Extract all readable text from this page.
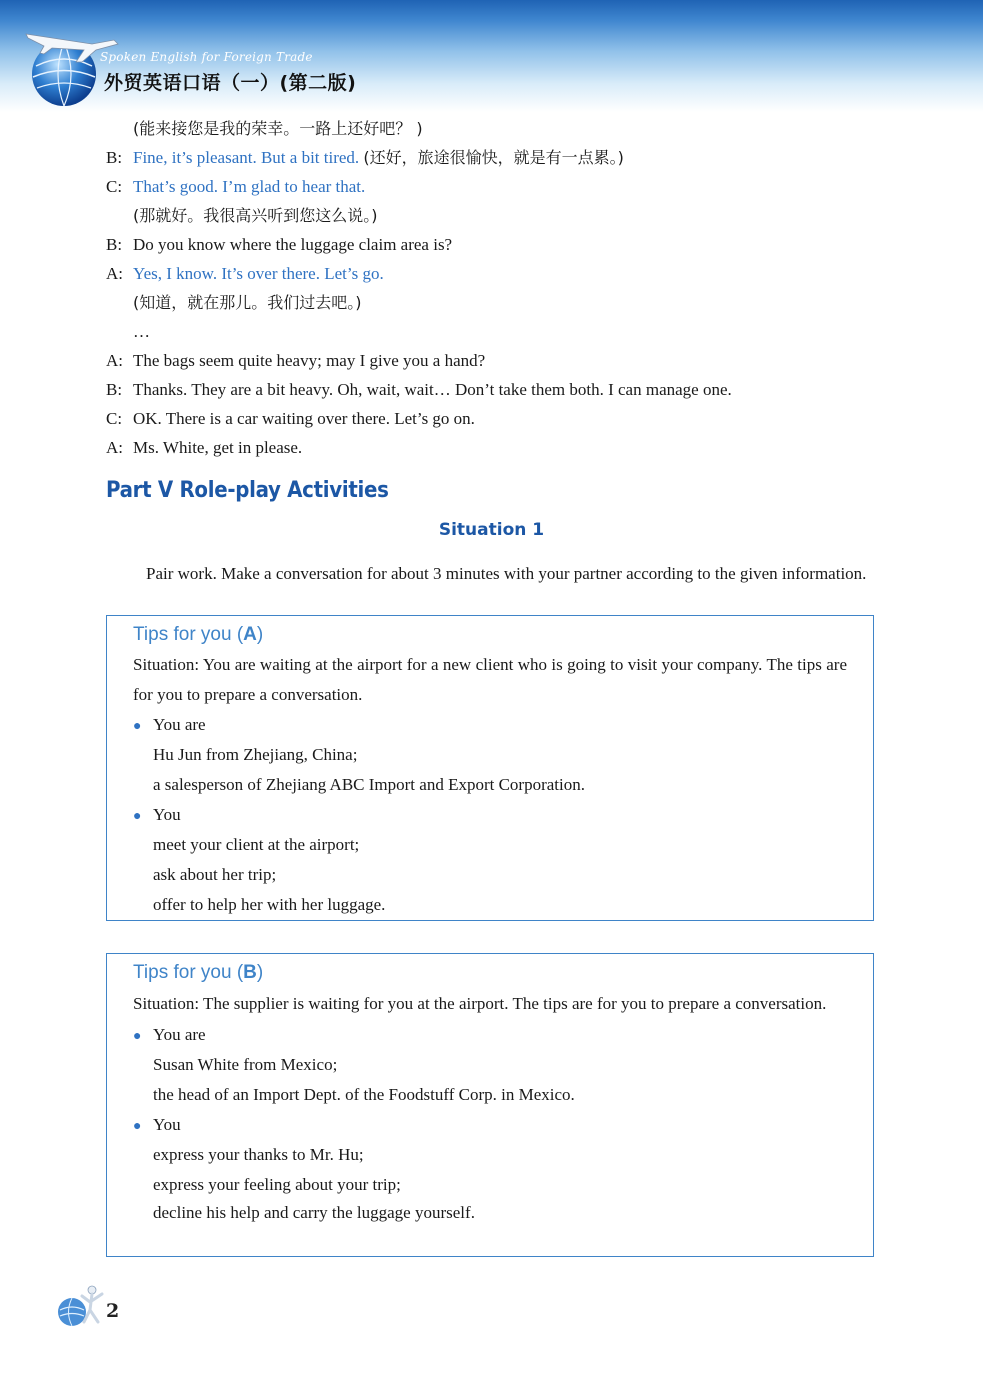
Spoken English for Foreign Trade
外贸英语口语（一）(第二版)
(能来接您是我的荣幸。一路上还好吧？ )
B: Fine, it’s pleasant. But a bit tired. (还好，旅途很愉快，就是有一点累。)
C: That’s good. I’m glad to hear that.
(那就好。我很高兴听到您这么说。)
B: Do you know where the luggage claim area is?
A: Yes, I know. It’s over there. Let’s go.
(知道，就在那儿。我们过去吧。)
…
A: The bags seem quite heavy; may I give you a hand?
B: Thanks. They are a bit heavy. Oh, wait, wait… Don’t take them both. I can manage one.
C: OK. There is a car waiting over there. Let’s go on.
A: Ms. White, get in please.
Part V Role-play Activities
Situation 1
Pair work. Make a conversation for about 3 minutes with your partner according to the given information.
Tips for you (A)
Situation: You are waiting at the airport for a new client who is going to visit your company. The tips are for you to prepare a conversation.
● You are
Hu Jun from Zhejiang, China;
a salesperson of Zhejiang ABC Import and Export Corporation.
● You
meet your client at the airport;
ask about her trip;
offer to help her with her luggage.
Tips for you (B)
Situation: The supplier is waiting for you at the airport. The tips are for you to prepare a conversation.
● You are
Susan White from Mexico;
the head of an Import Dept. of the Foodstuff Corp. in Mexico.
● You
express your thanks to Mr. Hu;
express your feeling about your trip;
decline his help and carry the luggage yourself.
2
